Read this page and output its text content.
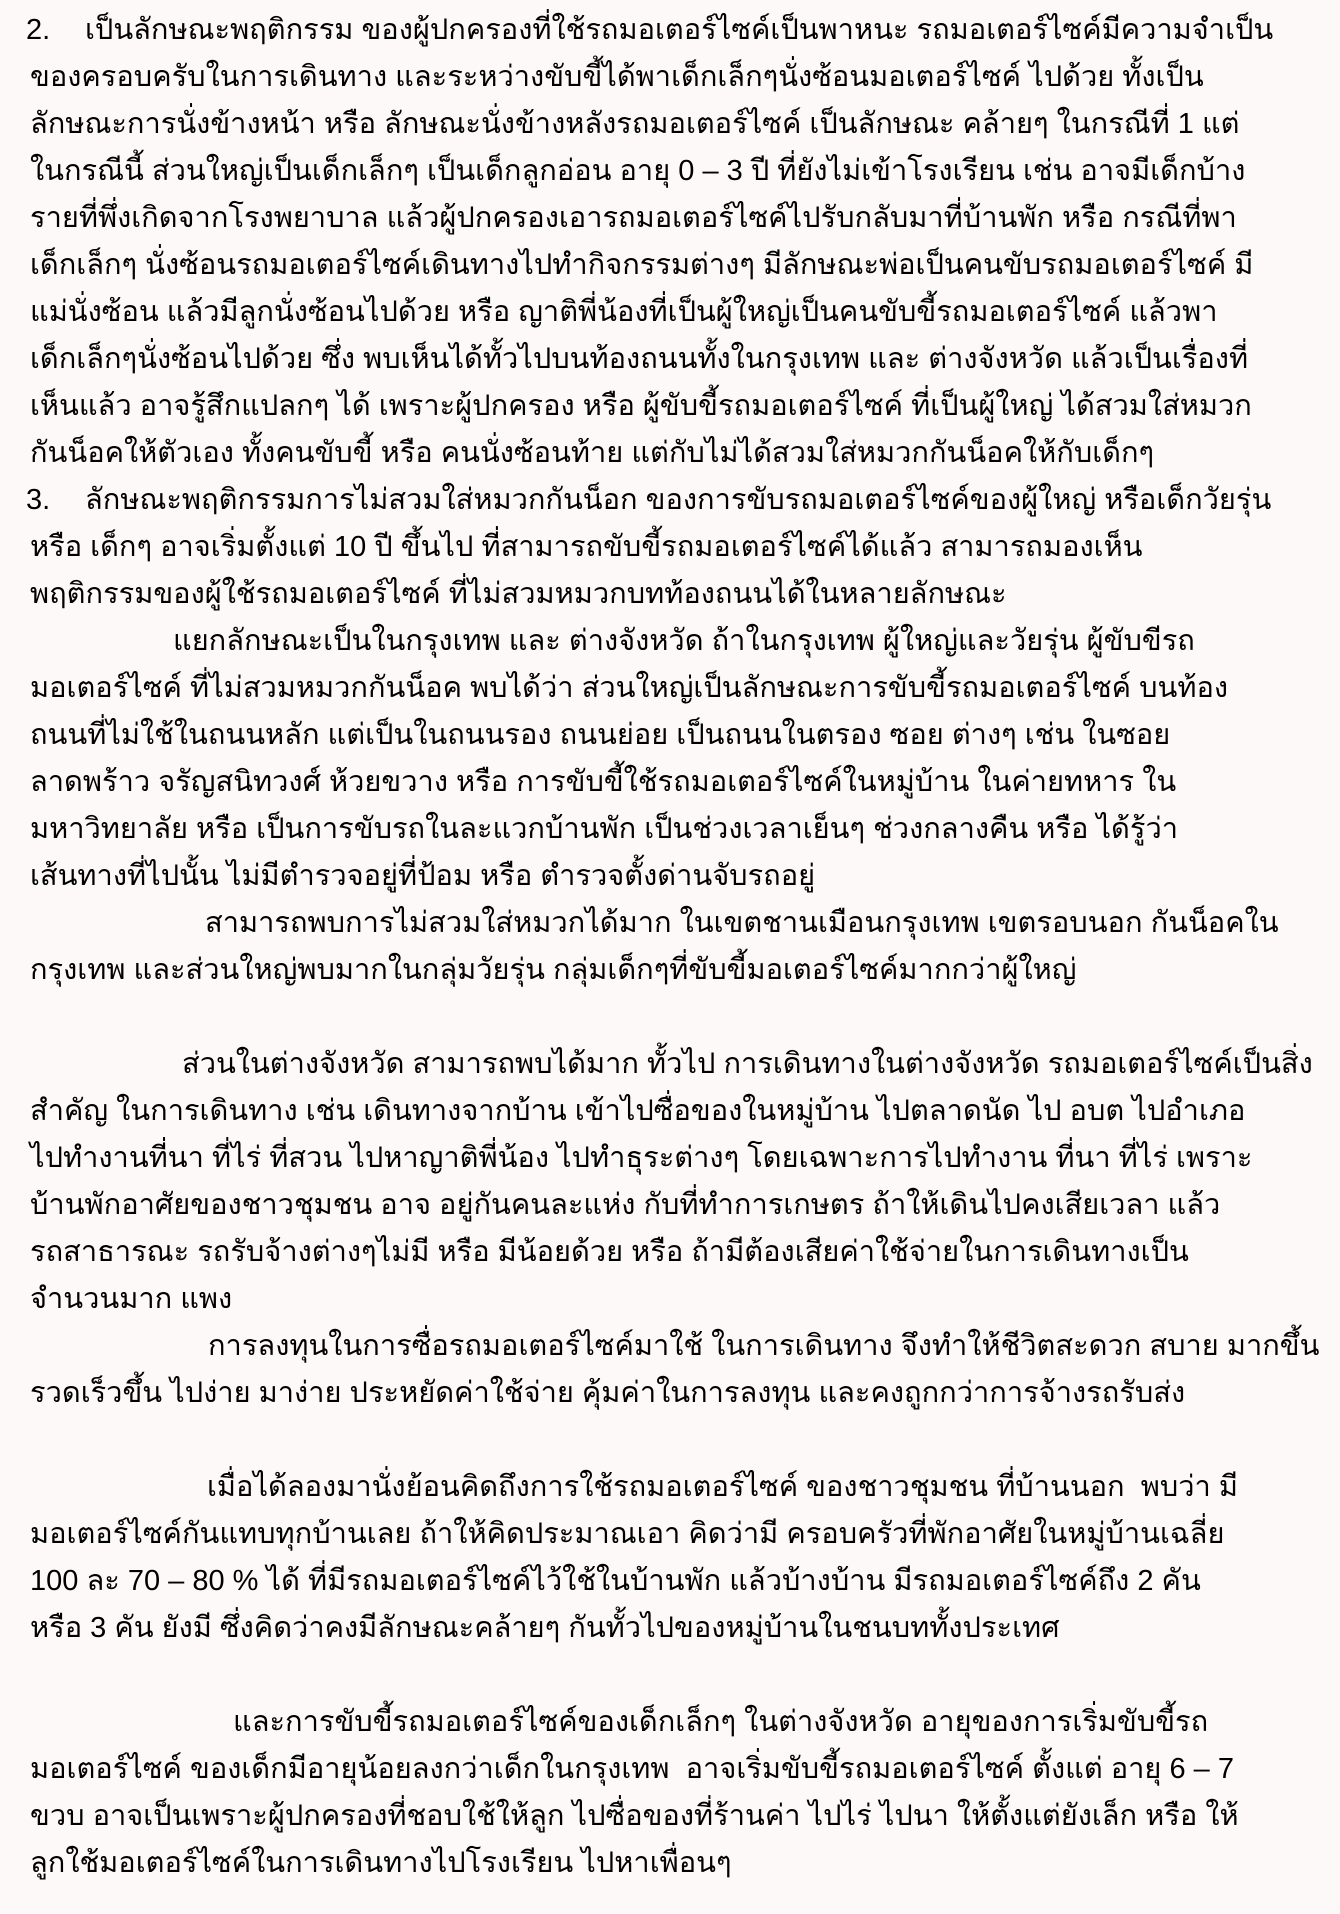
2. เป็นลักษณะพฤติกรรม ของผู้ปกครองที่ใช้รถมอเตอร์ไซค์เป็นพาหนะ รถมอเตอร์ไซค์มีความจำเป็น
ของครอบครับในการเดินทาง และระหว่างขับขี้ได้พาเด็กเล็กๆนั่งซ้อนมอเตอร์ไซค์ ไปด้วย ทั้งเป็น
ลักษณะการนั่งข้างหน้า หรือ ลักษณะนั่งข้างหลังรถมอเตอร์ไซค์ เป็นลักษณะ คล้ายๆ ในกรณีที่ 1 แต่
ในกรณีนี้ ส่วนใหญ่เป็นเด็กเล็กๆ เป็นเด็กลูกอ่อน อายุ 0 – 3 ปี ที่ยังไม่เข้าโรงเรียน เช่น อาจมีเด็กบ้าง
รายที่พึ่งเกิดจากโรงพยาบาล แล้วผู้ปกครองเอารถมอเตอร์ไซค์ไปรับกลับมาที่บ้านพัก หรือ กรณีที่พา
เด็กเล็กๆ นั่งซ้อนรถมอเตอร์ไซค์เดินทางไปทำกิจกรรมต่างๆ มีลักษณะพ่อเป็นคนขับรถมอเตอร์ไซค์ มี
แม่นั่งซ้อน แล้วมีลูกนั่งซ้อนไปด้วย หรือ ญาติพี่น้องที่เป็นผู้ใหญ่เป็นคนขับขี้รถมอเตอร์ไซค์ แล้วพา
เด็กเล็กๆนั่งซ้อนไปด้วย ซึ่ง พบเห็นได้ทั้วไปบนท้องถนนทั้งในกรุงเทพ และ ต่างจังหวัด แล้วเป็นเรื่องที่
เห็นแล้ว อาจรู้สึกแปลกๆ ได้ เพราะผู้ปกครอง หรือ ผู้ขับขี้รถมอเตอร์ไซค์ ที่เป็นผู้ใหญ่ ได้สวมใส่หมวก
กันน็อคให้ตัวเอง ทั้งคนขับขี้ หรือ คนนั่งซ้อนท้าย แต่กับไม่ได้สวมใส่หมวกกันน็อคให้กับเด็กๆ
3. ลักษณะพฤติกรรมการไม่สวมใส่หมวกกันน็อก ของการขับรถมอเตอร์ไซค์ของผู้ใหญ่ หรือเด็กวัยรุ่น
หรือ เด็กๆ อาจเริ่มตั้งแต่ 10 ปี ขึ้นไป ที่สามารถขับขี้รถมอเตอร์ไซค์ได้แล้ว สามารถมองเห็น
พฤติกรรมของผู้ใช้รถมอเตอร์ไซค์ ที่ไม่สวมหมวกบทท้องถนนได้ในหลายลักษณะ
แยกลักษณะเป็นในกรุงเทพ และ ต่างจังหวัด ถ้าในกรุงเทพ ผู้ใหญ่และวัยรุ่น ผู้ขับขีรถ
มอเตอร์ไซค์ ที่ไม่สวมหมวกกันน็อค พบได้ว่า ส่วนใหญ่เป็นลักษณะการขับขี้รถมอเตอร์ไซค์ บนท้อง
ถนนที่ไม่ใช้ในถนนหลัก แต่เป็นในถนนรอง ถนนย่อย เป็นถนนในตรอง ซอย ต่างๆ เช่น ในซอย
ลาดพร้าว จรัญสนิทวงศ์ ห้วยขวาง หรือ การขับขี้ใช้รถมอเตอร์ไซค์ในหมู่บ้าน ในค่ายทหาร ใน
มหาวิทยาลัย หรือ เป็นการขับรถในละแวกบ้านพัก เป็นช่วงเวลาเย็นๆ ช่วงกลางคืน หรือ ได้รู้ว่า
เส้นทางที่ไปนั้น ไม่มีตำรวจอยู่ที่ป้อม หรือ ตำรวจตั้งด่านจับรถอยู่
สามารถพบการไม่สวมใส่หมวกได้มาก ในเขตชานเมือนกรุงเทพ เขตรอบนอก กันน็อคใน
กรุงเทพ และส่วนใหญ่พบมากในกลุ่มวัยรุ่น กลุ่มเด็กๆที่ขับขี้มอเตอร์ไซค์มากกว่าผู้ใหญ่
ส่วนในต่างจังหวัด สามารถพบได้มาก ทั้วไป การเดินทางในต่างจังหวัด รถมอเตอร์ไซค์เป็นสิ่ง
สำคัญ ในการเดินทาง เช่น เดินทางจากบ้าน เข้าไปซื่อของในหมู่บ้าน ไปตลาดนัด ไป อบต ไปอำเภอ
ไปทำงานที่นา ที่ไร่ ที่สวน ไปหาญาติพี่น้อง ไปทำธุระต่างๆ โดยเฉพาะการไปทำงาน ที่นา ที่ไร่ เพราะ
บ้านพักอาศัยของชาวชุมชน อาจ อยู่กันคนละแห่ง กับที่ทำการเกษตร ถ้าให้เดินไปคงเสียเวลา แล้ว
รถสาธารณะ รถรับจ้างต่างๆไม่มี หรือ มีน้อยด้วย หรือ ถ้ามีต้องเสียค่าใช้จ่ายในการเดินทางเป็น
จำนวนมาก แพง
การลงทุนในการซื่อรถมอเตอร์ไซค์มาใช้ ในการเดินทาง จึงทำให้ชีวิตสะดวก สบาย มากขึ้น
รวดเร็วขึ้น ไปง่าย มาง่าย ประหยัดค่าใช้จ่าย คุ้มค่าในการลงทุน และคงถูกกว่าการจ้างรถรับส่ง
เมื่อได้ลองมานั่งย้อนคิดถึงการใช้รถมอเตอร์ไซค์ ของชาวชุมชน ที่บ้านนอก  พบว่า มี
มอเตอร์ไซค์กันแทบทุกบ้านเลย ถ้าให้คิดประมาณเอา คิดว่ามี ครอบครัวที่พักอาศัยในหมู่บ้านเฉลี่ย
100 ละ 70 – 80 % ได้ ที่มีรถมอเตอร์ไซค์ไว้ใช้ในบ้านพัก แล้วบ้างบ้าน มีรถมอเตอร์ไซค์ถึง 2 คัน
หรือ 3 คัน ยังมี ซึ่งคิดว่าคงมีลักษณะคล้ายๆ กันทั้วไปของหมู่บ้านในชนบททั้งประเทศ
และการขับขี้รถมอเตอร์ไซค์ของเด็กเล็กๆ ในต่างจังหวัด อายุของการเริ่มขับขี้รถ
มอเตอร์ไซค์ ของเด็กมีอายุน้อยลงกว่าเด็กในกรุงเทพ  อาจเริ่มขับขี้รถมอเตอร์ไซค์ ตั้งแต่ อายุ 6 – 7
ขวบ อาจเป็นเพราะผู้ปกครองที่ชอบใช้ให้ลูก ไปซื่อของที่ร้านค่า ไปไร่ ไปนา ให้ตั้งแต่ยังเล็ก หรือ ให้
ลูกใช้มอเตอร์ไซค์ในการเดินทางไปโรงเรียน ไปหาเพื่อนๆ
